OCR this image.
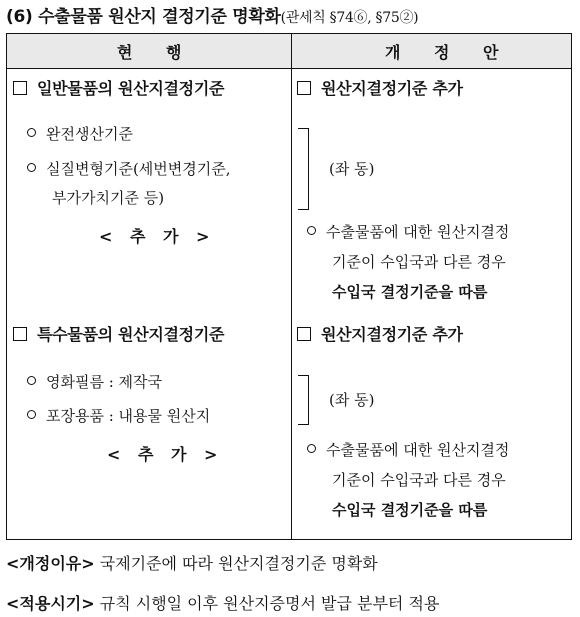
(6) 수출물품 원산지 결정기준 명확화(관세칙 §74⑥, §75②)
현 행	개 정 안
일반물품의 원산지결정기준
완전생산기준
실질변형기준(세번변경기준,
부가가치기준 등)
< 추 가 >
원산지결정기준 추가
(좌 동)
수출물품에 대한 원산지결정
기준이 수입국과 다른 경우
수입국 결정기준을 따름
특수물품의 원산지결정기준
영화필름 : 제작국
포장용품 : 내용물 원산지
< 추 가 >
원산지결정기준 추가
(좌 동)
수출물품에 대한 원산지결정
기준이 수입국과 다른 경우
수입국 결정기준을 따름
<개정이유> 국제기준에 따라 원산지결정기준 명확화
<적용시기> 규칙 시행일 이후 원산지증명서 발급 분부터 적용
